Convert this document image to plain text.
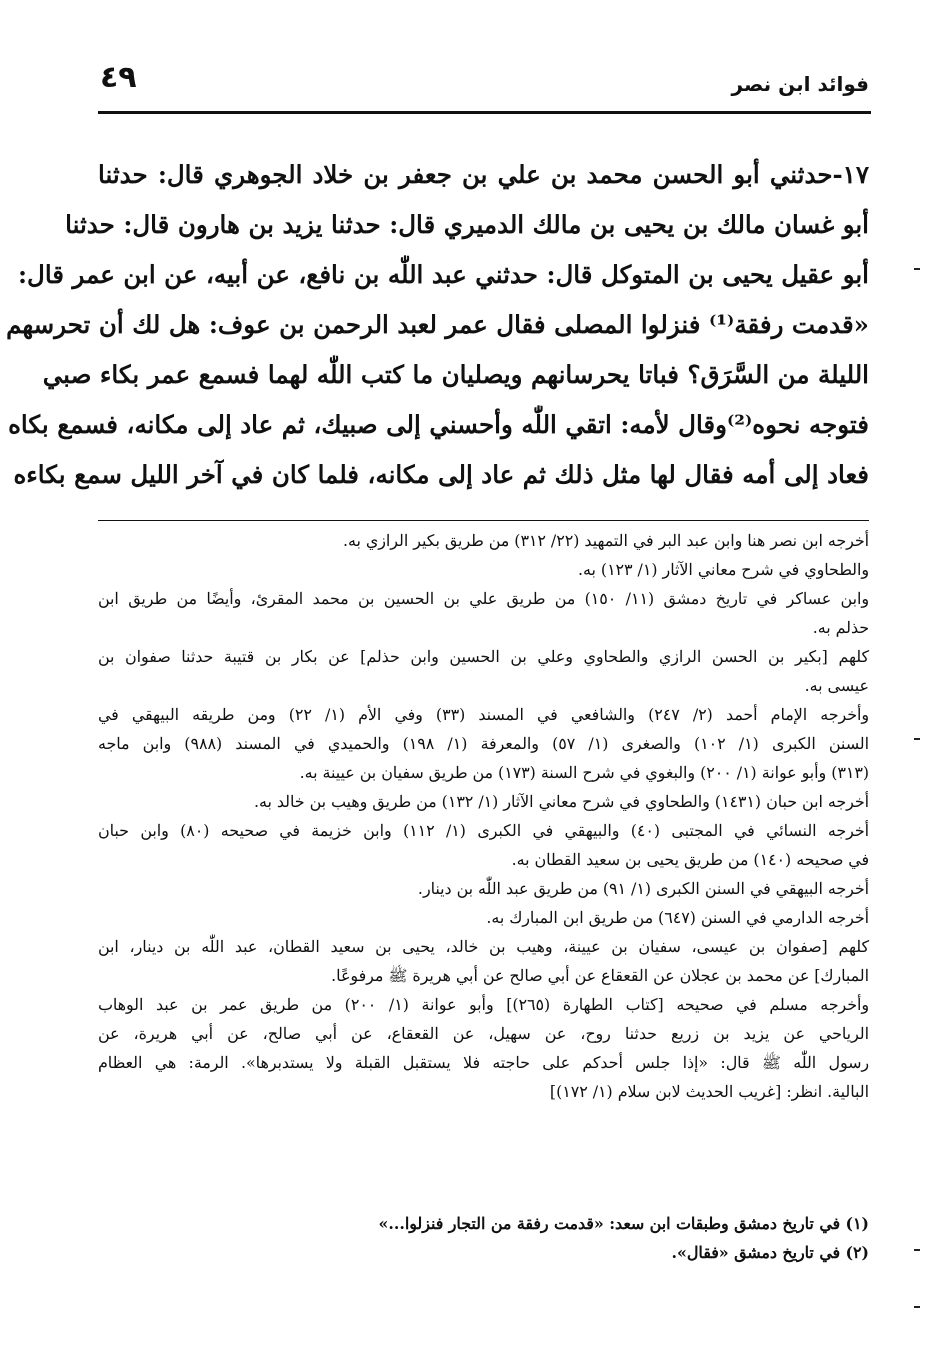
فوائد ابن نصر
٤٩
١٧-حدثني أبو الحسن محمد بن علي بن جعفر بن خلاد الجوهري قال: حدثنا
أبو غسان مالك بن يحيى بن مالك الدميري قال: حدثنا يزيد بن هارون قال: حدثنا
أبو عقيل يحيى بن المتوكل قال: حدثني عبد اللّٰه بن نافع، عن أبيه، عن ابن عمر قال:
«قدمت رفقة⁽¹⁾ فنزلوا المصلى فقال عمر لعبد الرحمن بن عوف: هل لك أن تحرسهم
الليلة من السَّرَق؟ فباتا يحرسانهم ويصليان ما كتب اللّٰه لهما فسمع عمر بكاء صبي
فتوجه نحوه⁽²⁾وقال لأمه: اتقي اللّٰه وأحسني إلى صبيك، ثم عاد إلى مكانه، فسمع بكاه
فعاد إلى أمه فقال لها مثل ذلك ثم عاد إلى مكانه، فلما كان في آخر الليل سمع بكاءه
أخرجه ابن نصر هنا وابن عبد البر في التمهيد (٢٢/ ٣١٢) من طريق بكير الرازي به.
والطحاوي في شرح معاني الآثار (١/ ١٢٣) به.
وابن عساكر في تاريخ دمشق (١١/ ١٥٠) من طريق علي بن الحسين بن محمد المقرئ، وأيضًا من طريق ابن
حذلم به.
كلهم [بكير بن الحسن الرازي والطحاوي وعلي بن الحسين وابن حذلم] عن بكار بن قتيبة حدثنا صفوان بن
عيسى به.
وأخرجه الإمام أحمد (٢/ ٢٤٧) والشافعي في المسند (٣٣) وفي الأم (١/ ٢٢) ومن طريقه البيهقي في
السنن الكبرى (١/ ١٠٢) والصغرى (١/ ٥٧) والمعرفة (١/ ١٩٨) والحميدي في المسند (٩٨٨) وابن ماجه
(٣١٣) وأبو عوانة (١/ ٢٠٠) والبغوي في شرح السنة (١٧٣) من طريق سفيان بن عيينة به.
أخرجه ابن حبان (١٤٣١) والطحاوي في شرح معاني الآثار (١/ ١٣٢) من طريق وهيب بن خالد به.
أخرجه النسائي في المجتبى (٤٠) والبيهقي في الكبرى (١/ ١١٢) وابن خزيمة في صحيحه (٨٠) وابن حبان
في صحيحه (١٤٠) من طريق يحيى بن سعيد القطان به.
أخرجه البيهقي في السنن الكبرى (١/ ٩١) من طريق عبد اللّٰه بن دينار.
أخرجه الدارمي في السنن (٦٤٧) من طريق ابن المبارك به.
كلهم [صفوان بن عيسى، سفيان بن عيينة، وهيب بن خالد، يحيى بن سعيد القطان، عبد اللّٰه بن دينار، ابن
المبارك] عن محمد بن عجلان عن القعقاع عن أبي صالح عن أبي هريرة ﷺ مرفوعًا.
وأخرجه مسلم في صحيحه [كتاب الطهارة (٢٦٥)] وأبو عوانة (١/ ٢٠٠) من طريق عمر بن عبد الوهاب
الرياحي عن يزيد بن زريع حدثنا روح، عن سهيل، عن القعقاع، عن أبي صالح، عن أبي هريرة، عن
رسول اللّٰه ﷺ قال: «إذا جلس أحدكم على حاجته فلا يستقبل القبلة ولا يستدبرها». الرمة: هي العظام
البالية. انظر: [غريب الحديث لابن سلام (١/ ١٧٢)]
(١) في تاريخ دمشق وطبقات ابن سعد: «قدمت رفقة من التجار فنزلوا...»
(٢) في تاريخ دمشق «فقال».
